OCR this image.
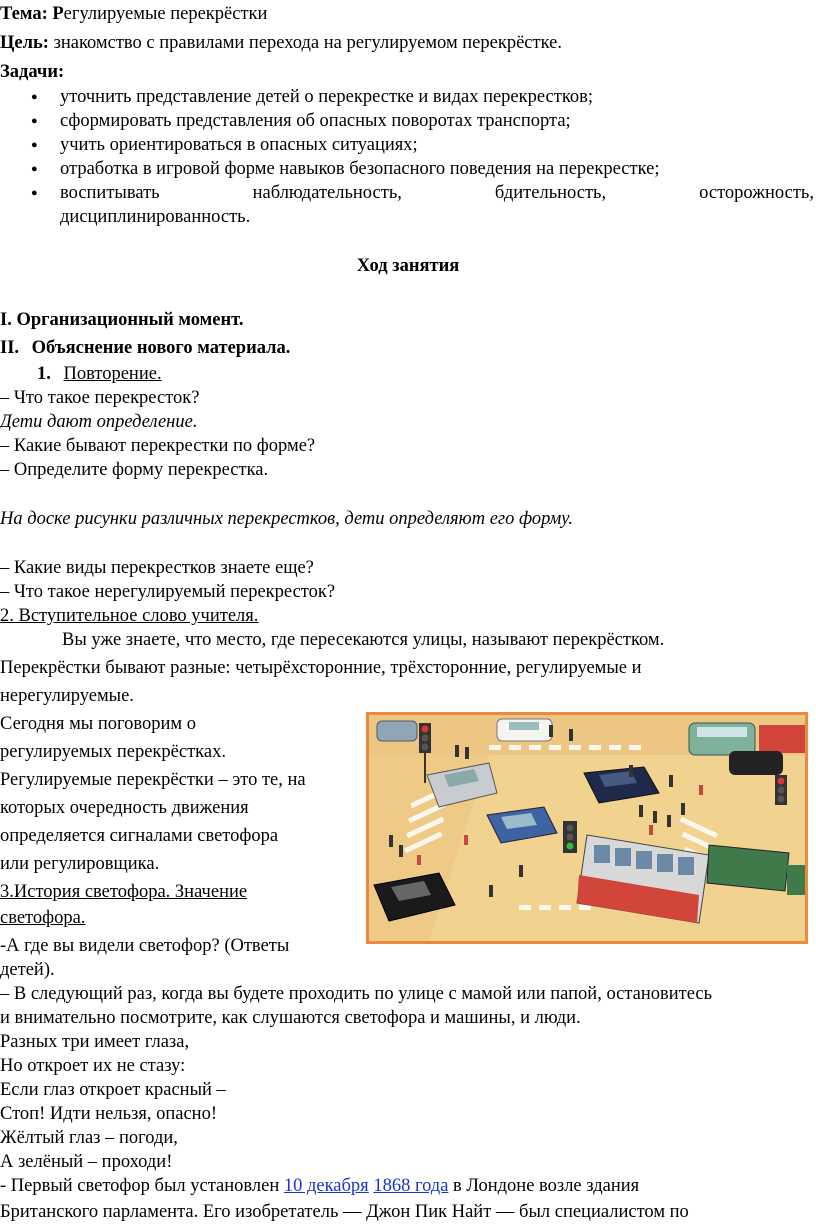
Тема: Регулируемые перекрёстки
Цель: знакомство с правилами перехода на регулируемом перекрёстке.
Задачи:
● уточнить представление детей о перекрестке и видах перекрестков;
● сформировать представления об опасных поворотах транспорта;
● учить ориентироваться в опасных ситуациях;
● отработка в игровой форме навыков безопасного поведения на перекрестке;
● воспитывать	наблюдательность,	бдительность,	осторожность,
дисциплинированность.
Ход занятия
I. Организационный момент.
II. Объяснение нового материала.
1. Повторение.
– Что такое перекресток?
Дети дают определение.
– Какие бывают перекрестки по форме?
– Определите форму перекрестка.
На доске рисунки различных перекрестков, дети определяют его форму.
– Какие виды перекрестков знаете еще?
– Что такое нерегулируемый перекресток?
2. Вступительное слово учителя.
Вы уже знаете, что место, где пересекаются улицы, называют перекрёстком.
Перекрёстки бывают разные: четырёхсторонние, трёхсторонние, регулируемые и
нерегулируемые.
Сегодня мы поговорим о
регулируемых перекрёстках.
Регулируемые перекрёстки – это те, на
которых очередность движения
определяется сигналами светофора
или регулировщика.
3.История светофора. Значение
светофора.
-А где вы видели светофор? (Ответы
детей).
– В следующий раз, когда вы будете проходить по улице с мамой или папой, остановитесь
и внимательно посмотрите, как слушаются светофора и машины, и люди.
Разных три имеет глаза,
Но откроет их не стазу:
Если глаз откроет красный –
Стоп! Идти нельзя, опасно!
Жёлтый глаз – погоди,
А зелёный – проходи!
- Первый светофор был установлен 10 декабря 1868 года в Лондоне возле здания
Британского парламента. Его изобретатель — Джон Пик Найт — был специалистом по
